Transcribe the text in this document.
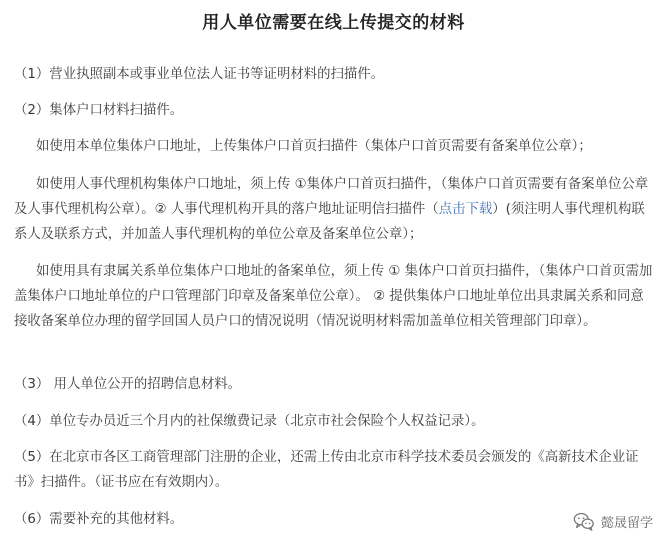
用人单位需要在线上传提交的材料

（1）营业执照副本或事业单位法人证书等证明材料的扫描件。

（2）集体户口材料扫描件。

如使用本单位集体户口地址，上传集体户口首页扫描件（集体户口首页需要有备案单位公章）；

如使用人事代理机构集体户口地址，须上传 ①集体户口首页扫描件，（集体户口首页需要有备案单位公章及人事代理机构公章）。② 人事代理机构开具的落户地址证明信扫描件（点击下载）(须注明人事代理机构联系人及联系方式，并加盖人事代理机构的单位公章及备案单位公章）；

如使用具有隶属关系单位集体户口地址的备案单位，须上传 ① 集体户口首页扫描件，（集体户口首页需加盖集体户口地址单位的户口管理部门印章及备案单位公章）。 ② 提供集体户口地址单位出具隶属关系和同意接收备案单位办理的留学回国人员户口的情况说明（情况说明材料需加盖单位相关管理部门印章）。

（3） 用人单位公开的招聘信息材料。

（4）单位专办员近三个月内的社保缴费记录（北京市社会保险个人权益记录）。

（5）在北京市各区工商管理部门注册的企业，还需上传由北京市科学技术委员会颁发的《高新技术企业证书》扫描件。（证书应在有效期内）。

（6）需要补充的其他材料。	懿晟留学
